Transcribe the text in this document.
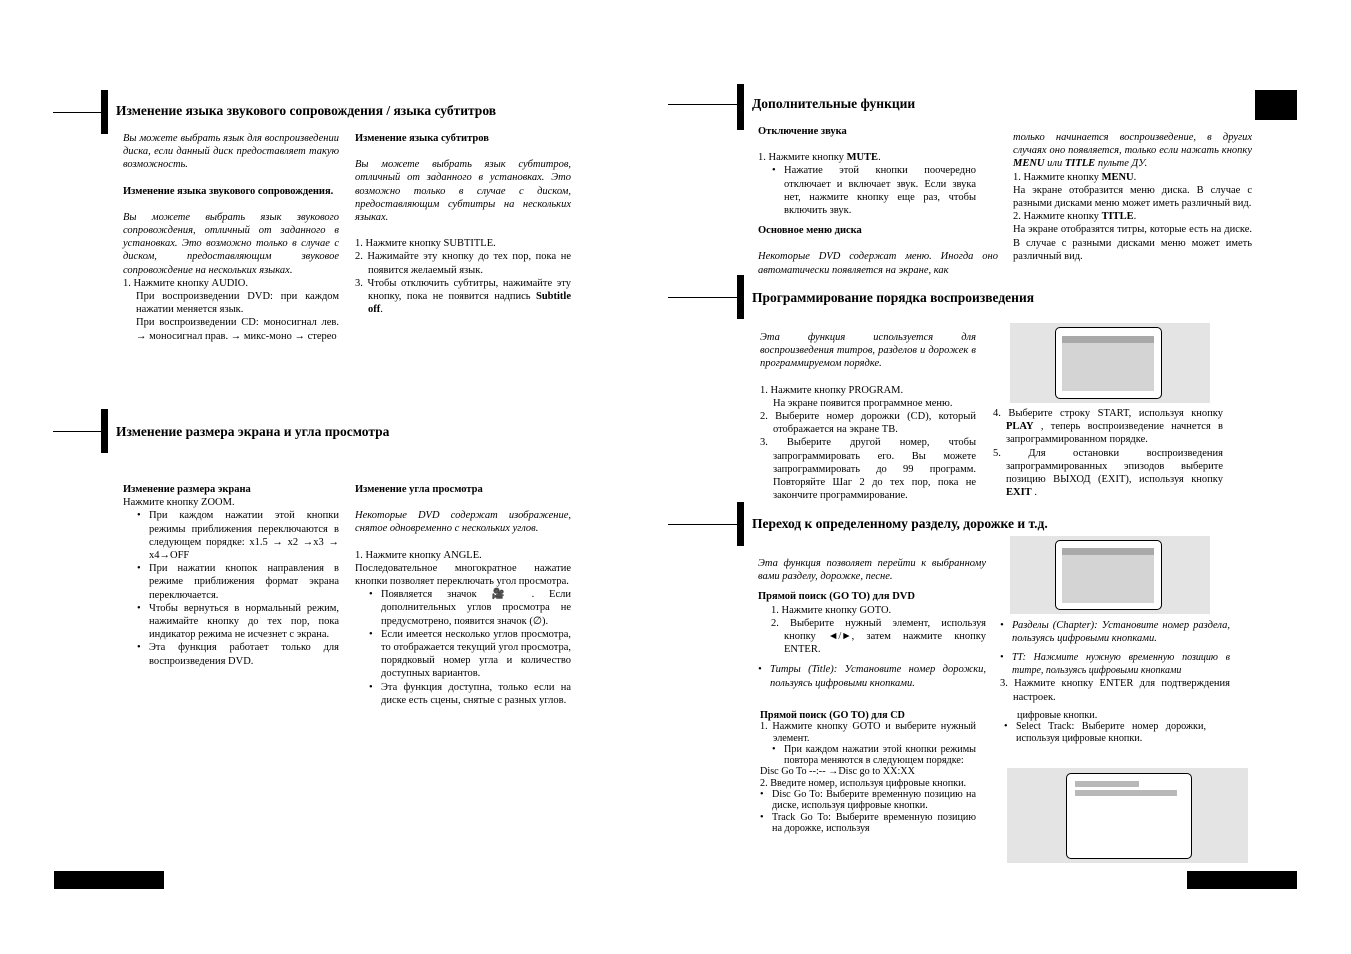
Изменение языка звукового сопровождения / языка субтитров

Вы можете выбрать язык для воспроизведении диска, если данный диск предоставляет такую возможность.

Изменение языка звукового сопровождения.

Вы можете выбрать язык звукового сопровождения, отличный от заданного в установках. Это возможно только в случае с диском, предоставляющим звуковое сопровождение на нескольких языках.

1. Нажмите кнопку AUDIO.

При воспроизведении DVD: при каждом нажатии меняется язык.

При воспроизведении CD: моносигнал лев. → моносигнал прав. → микс-моно → стерео

Изменение языка субтитров

Вы можете выбрать язык субтитров, отличный от заданного в установках. Это возможно только в случае с диском, предоставляющим субтитры на нескольких языках.

1. Нажмите кнопку SUBTITLE.
2. Нажимайте эту кнопку до тех пор, пока не появится желаемый язык.
3. Чтобы отключить субтитры, нажимайте эту кнопку, пока не появится надпись Subtitle off.
Изменение размера экрана и угла просмотра

Изменение размера экрана

Нажмите кнопку ZOOM.

• При каждом нажатии этой кнопки режимы приближения переключаются в следующем порядке: x1.5 → x2 →x3 → x4→OFF
• При нажатии кнопок направления в режиме приближения формат экрана переключается.
• Чтобы вернуться в нормальный режим, нажимайте кнопку до тех пор, пока индикатор режима не исчезнет с экрана.
• Эта функция работает только для воспроизведения DVD.

Изменение угла просмотра

Некоторые DVD содержат изображение, снятое одновременно с нескольких углов.

1. Нажмите кнопку ANGLE.

Последовательное многократное нажатие кнопки позволяет переключать угол просмотра.

• Появляется значок 🎥 . Если дополнительных углов просмотра не предусмотрено, появится значок (∅).
• Если имеется несколько углов просмотра, то отображается текущий угол просмотра, порядковый номер угла и количество доступных вариантов.
• Эта функция доступна, только если на диске есть сцены, снятые с разных углов.
Дополнительные функции

Отключение звука

1. Нажмите кнопку MUTE.

• Нажатие этой кнопки поочередно отключает и включает звук. Если звука нет, нажмите кнопку еще раз, чтобы включить звук.

Основное меню диска

Некоторые DVD содержат меню. Иногда оно автоматически появляется на экране, как

только начинается воспроизведение, в других случаях оно появляется, только если нажать кнопку MENU или TITLE пульте ДУ.

1. Нажмите кнопку MENU.

На экране отобразится меню диска. В случае с разными дисками меню может иметь различный вид.

2. Нажмите кнопку TITLE.

На экране отобразятся титры, которые есть на диске. В случае с разными дисками меню может иметь различный вид.

Программирование порядка воспроизведения

Эта функция используется для воспроизведения титров, разделов и дорожек в программируемом порядке.

1. Нажмите кнопку PROGRAM.

На экране появится программное меню.

2. Выберите номер дорожки (CD), который отображается на экране ТВ.
3. Выберите другой номер, чтобы запрограммировать его. Вы можете запрограммировать до 99 программ. Повторяйте Шаг 2 до тех пор, пока не закончите программирование.
4. Выберите строку START, используя кнопку PLAY , теперь воспроизведение начнется в запрограммированном порядке.
5. Для остановки воспроизведения запрограммированных эпизодов выберите позицию ВЫХОД (EXIT), используя кнопку EXIT .
Переход к определенному разделу, дорожке и т.д.

Эта функция позволяет перейти к выбранному вами разделу, дорожке, песне.

Прямой поиск (GO TO) для DVD

1. Нажмите кнопку GOTO.
2. Выберите нужный элемент, используя кнопку ◄/►, затем нажмите кнопку ENTER.
• Титры (Title): Установите номер дорожки, пользуясь цифровыми кнопками.

Прямой поиск (GO TO) для CD

1. Нажмите кнопку GOTO и выберите нужный элемент.
• При каждом нажатии этой кнопки режимы повтора меняются в следующем порядке:

Disc Go To --:-- →Disc go to XX:XX

2. Введите номер, используя цифровые кнопки.

• Disc Go To: Выберите временную позицию на диске, используя цифровые кнопки.
• Track Go To: Выберите временную позицию на дорожке, используя
• Разделы (Chapter): Установите номер раздела, пользуясь цифровыми кнопками.
• TT: Нажмите нужную временную позицию в титре, пользуясь цифровыми кнопками
3. Нажмите кнопку ENTER для подтверждения настроек.

цифровые кнопки.

• Select Track: Выберите номер дорожки, используя цифровые кнопки.
